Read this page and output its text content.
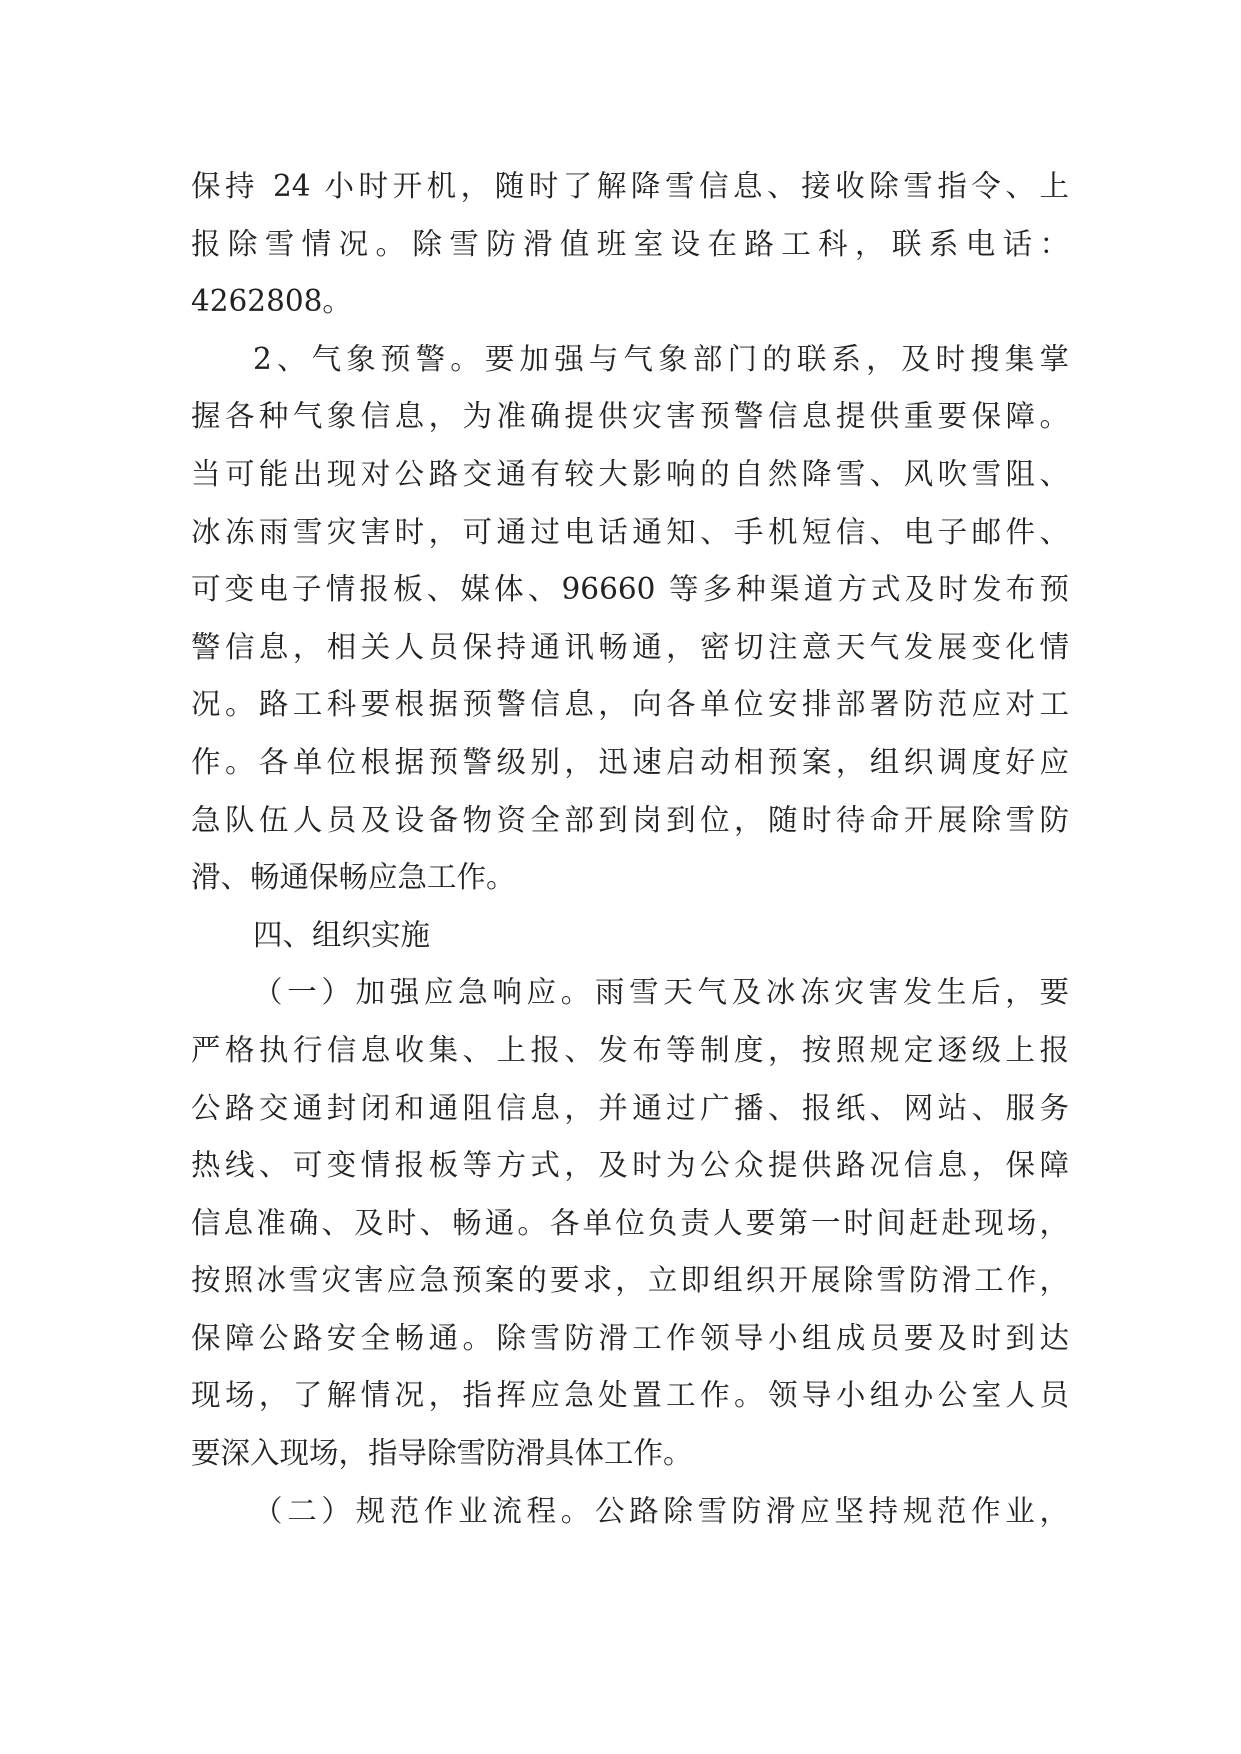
保持 24 小时开机，随时了解降雪信息、接收除雪指令、上
报除雪情况。除雪防滑值班室设在路工科，联系电话：
4262808。
2、气象预警。要加强与气象部门的联系，及时搜集掌
握各种气象信息，为准确提供灾害预警信息提供重要保障。
当可能出现对公路交通有较大影响的自然降雪、风吹雪阻、
冰冻雨雪灾害时，可通过电话通知、手机短信、电子邮件、
可变电子情报板、媒体、96660 等多种渠道方式及时发布预
警信息，相关人员保持通讯畅通，密切注意天气发展变化情
况。路工科要根据预警信息，向各单位安排部署防范应对工
作。各单位根据预警级别，迅速启动相预案，组织调度好应
急队伍人员及设备物资全部到岗到位，随时待命开展除雪防
滑、畅通保畅应急工作。
四、组织实施
（一）加强应急响应。雨雪天气及冰冻灾害发生后，要
严格执行信息收集、上报、发布等制度，按照规定逐级上报
公路交通封闭和通阻信息，并通过广播、报纸、网站、服务
热线、可变情报板等方式，及时为公众提供路况信息，保障
信息准确、及时、畅通。各单位负责人要第一时间赶赴现场，
按照冰雪灾害应急预案的要求，立即组织开展除雪防滑工作，
保障公路安全畅通。除雪防滑工作领导小组成员要及时到达
现场，了解情况，指挥应急处置工作。领导小组办公室人员
要深入现场，指导除雪防滑具体工作。
（二）规范作业流程。公路除雪防滑应坚持规范作业，
